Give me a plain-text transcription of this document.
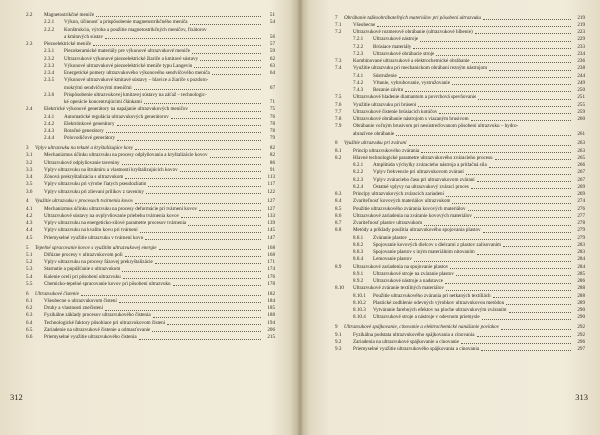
2.2 Magnetostrikčné meniče	51
2.2.1 Výkon, účinnosť a prispôsobenie magnetostrikčného meniča	54
2.2.2 Konštrukcia, výroba a použitie magnetostrikčných meničov, fixátorov
a kmitavých sústav	56
2.3 Piezoelektrické meniče	57
2.3.1 Piezokeramické materiály pre výkonové ultrazvukové meniče	59
2.3.2 Ultrazvukové výkonové piezoelektrické žiariče a kmitavé sústavy	62
2.3.3 Výkonové ultrazvukové piezoelektrické meniče typu Langevin	63
2.3.4 Energetické pomery ultrazvukového výkonového sendvičového meniča	64
2.3.5 Výkonové ultrazvukové kmitavé sústavy – hlavice a žiariče s pozdorn-
mokrými sendvičovými meničmi	67
2.3.6 Prispôsobenie ultrazvukovej kmitavej sústavy na záťaž – technologic-
ké operácie koncentrujúcimi článkami	71
2.4 Elektrické výkonové generátory na napájanie ultrazvukových meničov	75
2.4.1 Automatické regulácia ultrazvukových generátorov	76
2.4.2 Elektrónkové generátory	78
2.4.3 Rotačné generátory	78
2.4.4 Polovodičové generátory	79
3 Vplyv ultrazvuku na tekuté a kryštalizujúce kovy	82
3.1 Mechanizmus účinku ultrazvuku na procesy odplyňovania a kryštalizácie kovov	82
3.2 Ultrazvukové odplyňovanie taveniny	86
3.3 Vplyv ultrazvuku na štruktúru a vlastnosti kryštalizujúcich kovov	91
3.4 Zónová prekryštalizácia s ultrazvukom	113
3.5 Vplyv ultrazvuku pri výrobe ľiatych pseudozliatin	117
3.6 Vplyv ultrazvuku pri zlievaní prilikov z taveniny	122
4 Využitie ultrazvuku v procesoch tvárnenia kovov	127
4.1 Mechanizmus účinku ultrazvuku na procesy deformácie pri tvárnení kovov	127
4.2 Ultrazvukové sústavy na ovplyvňovanie priebehu tvárnenia kovov	133
4.3 Vplyv ultrazvuku na energeticko-silové parametre procesov tvárnenia	139
4.4 Vplyv ultrazvuku na kvalitu kovu pri tvárnení	145
4.5 Priemyselné využitie ultrazvuku v tvárnení kovu	147
5 Tepelné spracovanie kovov s využitím ultrazvukovej energie	168
5.1 Difúzne procesy v ultrazvukovom poli	168
5.2 Vplyv ultrazvuku na procesy fázovej prekryštalizácie	171
5.3 Starnutie a popúšťanie s ultrazvukom	174
5.4 Kalenie ocelí pri pôsobení ultrazvuku	176
5.5 Chemicko-tepelné spracovanie kovov pri pôsobení ultrazvuku	178
6 Ultrazvukové čistenie	182
6.1 Všeobecne o ultrazvukovom čistení	184
6.2 Druhy a vlastnosti znečistení	185
6.3 Fyzikálne základy procesov ultrazvukového čistenia	188
6.4 Technologické faktory pôsobiace pri ultrazvukovom čistení	194
6.5 Zariadenie na ultrazvukové čistenie a odmasťovanie	206
6.6 Priemyselné využitie ultrazvukového čistenia	215
312
7 Obrábanie tažkoobrábateľných materiálov pri pôsobení ultrazvuku	219
7.1 Všeobecne	219
7.2 Ultrazvukové rozmerové obrábanie (ultrazvukové hĺbenie)	223
7.2.1 Ultrazvukové nástroje	229
7.2.2 Brúsiace materiály	233
7.2.3 Ultrazvukové obrábacie stroje	234
7.3 Kombinované ultrazvukové a elektrochemické obrábanie	236
7.4 Využitie ultrazvuku pri mechanickom obrábaní rezným nástrojom	238
7.4.1 Sústruženie	244
7.4.2 Vŕtanie, vyhrubovanie, vystružovanie	249
7.4.3 Rezanie závitu	250
7.5 Ultrazvukové hladenie diamantom a povrchová spevňovanie	251
7.6 Využitie ultrazvuku pri brúsení	255
7.7 Ultrazvukové čistenie brúsiacich kotúčov	259
7.8 Ultrazvukové obrábanie nástrojom s viazaným brusivom	260
7.9 Obrábanie voľným brusivom pri nesústreďovanom pôsobení ultrazvuku – hydro-
abrazívne obrábanie	261
8 Využitie ultrazvuku pri zváraní	263
8.1 Princíp ultrazvukového zvárania	263
8.2 Hlavné technologické parametre ultrazvukového zváracieho procesu	265
8.2.1 Amplitúda výchylky zváracieho nástroja a prítlačná sila	266
8.2.2 Vplyv frekvencie pri ultrazvukovom zváraní	267
8.2.3 Vplyv zváracieho času pri ultrazvukovom zváraní	267
8.2.4 Ostatné vplyvy na ultrazvukový zvárací proces	269
8.3 Princípy ultrazvukových zváracích zariadení	269
8.4 Zvariteľnosť kovových materiálov ultrazvukom	274
8.5 Použitie ultrazvukového zvárania kovových materiálov	276
8.6 Ultrazvukové zariadenia na zváranie kovových materiálov	277
8.7 Zvariteľnosť plastov ultrazvukom	278
8.8 Metódy a príklady použitia ultrazvukového spojovania plastov	279
8.8.1 Zváranie plastov	279
8.8.2 Spojovanie kovových dielcov s dielcami z plastov zalisovaním	283
8.8.3 Spojovanie plastov s iným materiálnim nitovaním	283
8.8.4 Lemovanie plastov	284
8.9 Ultrazvukové zariadenia na spojovanie plastov	284
8.9.1 Ultrazvukové stroje na zváranie plastov	285
8.9.2 Ultrazvukové nástroje a nadstavce	286
8.10 Ultrazvukové zváranie textilných materiálov	288
8.10.1 Použitie ultrazvukového zvárania pri netkaných textíliách	288
8.10.2 Plastické zodhlenie odevných výrobkov ultrazvukovou metódou	289
8.10.3 Vytváranie farebných efektov na ploche ultrazvukovým zváraním	290
8.10.4 Ultrazvukové stroje a nástroje v odevnom priemysle	290
9 Ultrazvukové spájkovanie, cínovanie a elektrochemické nanášanie povlakov	292
9.1 Fyzikálna podstata ultrazvukového spájkovania a cínovania	292
9.2 Zariadenia na ultrazvukové spájkovanie a cínovanie	296
9.3 Priemyselné využitie ultrazvukového spájkovania a cínovania	297
313
